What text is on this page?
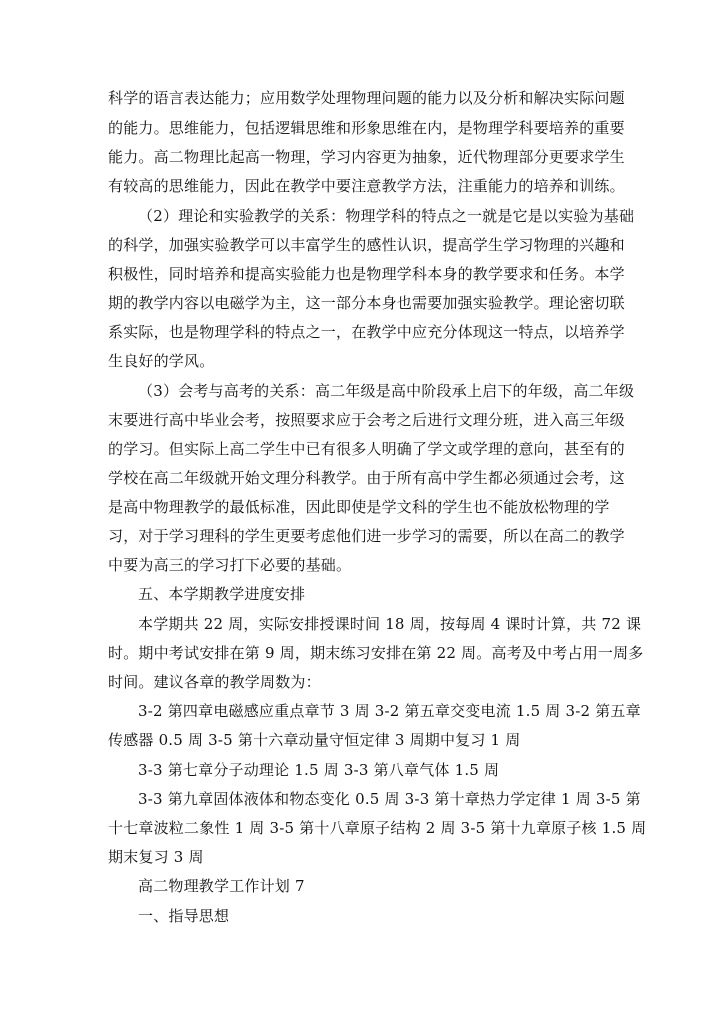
科学的语言表达能力；应用数学处理物理问题的能力以及分析和解决实际问题
的能力。思维能力，包括逻辑思维和形象思维在内，是物理学科要培养的重要
能力。高二物理比起高一物理，学习内容更为抽象，近代物理部分更要求学生
有较高的思维能力，因此在教学中要注意教学方法，注重能力的培养和训练。
（2）理论和实验教学的关系：物理学科的特点之一就是它是以实验为基础
的科学，加强实验教学可以丰富学生的感性认识，提高学生学习物理的兴趣和
积极性，同时培养和提高实验能力也是物理学科本身的教学要求和任务。本学
期的教学内容以电磁学为主，这一部分本身也需要加强实验教学。理论密切联
系实际，也是物理学科的特点之一，在教学中应充分体现这一特点，以培养学
生良好的学风。
（3）会考与高考的关系：高二年级是高中阶段承上启下的年级，高二年级
末要进行高中毕业会考，按照要求应于会考之后进行文理分班，进入高三年级
的学习。但实际上高二学生中已有很多人明确了学文或学理的意向，甚至有的
学校在高二年级就开始文理分科教学。由于所有高中学生都必须通过会考，这
是高中物理教学的最低标准，因此即使是学文科的学生也不能放松物理的学
习，对于学习理科的学生更要考虑他们进一步学习的需要，所以在高二的教学
中要为高三的学习打下必要的基础。
五、本学期教学进度安排
本学期共 22 周，实际安排授课时间 18 周，按每周 4 课时计算，共 72 课
时。期中考试安排在第 9 周，期末练习安排在第 22 周。高考及中考占用一周多
时间。建议各章的教学周数为：
3-2 第四章电磁感应重点章节 3 周 3-2 第五章交变电流 1.5 周 3-2 第五章
传感器 0.5 周 3-5 第十六章动量守恒定律 3 周期中复习 1 周
3-3 第七章分子动理论 1.5 周 3-3 第八章气体 1.5 周
3-3 第九章固体液体和物态变化 0.5 周 3-3 第十章热力学定律 1 周 3-5 第
十七章波粒二象性 1 周 3-5 第十八章原子结构 2 周 3-5 第十九章原子核 1.5 周
期末复习 3 周
高二物理教学工作计划 7
一、指导思想
